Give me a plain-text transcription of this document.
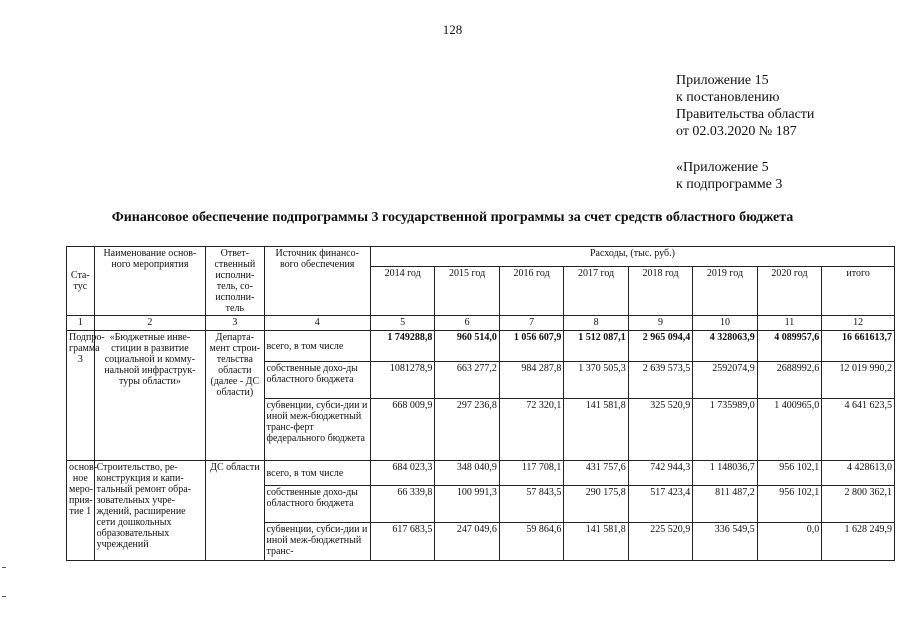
128
Приложение 15
к постановлению
Правительства области
от 02.03.2020 № 187
«Приложение 5
к подпрограмме 3
Финансовое обеспечение подпрограммы 3 государственной программы за счет средств областного бюджета
Ста-тус	Наименование основ-ного мероприятия	Ответ-ственный исполни-тель, со-исполни-тель	Источник финансо-вого обеспечения	Расходы, (тыс. руб.)							
				2014 год	2015 год	2016 год	2017 год	2018 год	2019 год	2020 год	итого
1	2	3	4	5	6	7	8	9	10	11	12
Подпро-грамма 3	«Бюджетные инве-стиции в развитие социальной и комму-нальной инфраструк-туры области»	Департа-мент строи-тельства области (далее - ДС области)	всего, в том числе	1 749288,8	960 514,0	1 056 607,9	1 512 087,1	2 965 094,4	4 328063,9	4 089957,6	16 661613,7
			собственные дохо-ды областного бюджета	1081278,9	663 277,2	984 287,8	1 370 505,3	2 639 573,5	2592074,9	2688992,6	12 019 990,2
			субвенции, субси-дии и иной меж-бюджетный транс-ферт федерального бюджета	668 009,9	297 236,8	72 320,1	141 581,8	325 520,9	1 735989,0	1 400965,0	4 641 623,5
основ-ное меро-прия-тие 1	Строительство, ре-конструкция и капи-тальный ремонт обра-зовательных учре-ждений, расширение сети дошкольных образовательных учреждений	ДС области	всего, в том числе	684 023,3	348 040,9	117 708,1	431 757,6	742 944,3	1 148036,7	956 102,1	4 428613,0
			собственные дохо-ды областного бюджета	66 339,8	100 991,3	57 843,5	290 175,8	517 423,4	811 487,2	956 102,1	2 800 362,1
			субвенции, субси-дии и иной меж-бюджетный транс-	617 683,5	247 049,6	59 864,6	141 581,8	225 520,9	336 549,5	0,0	1 628 249,9
